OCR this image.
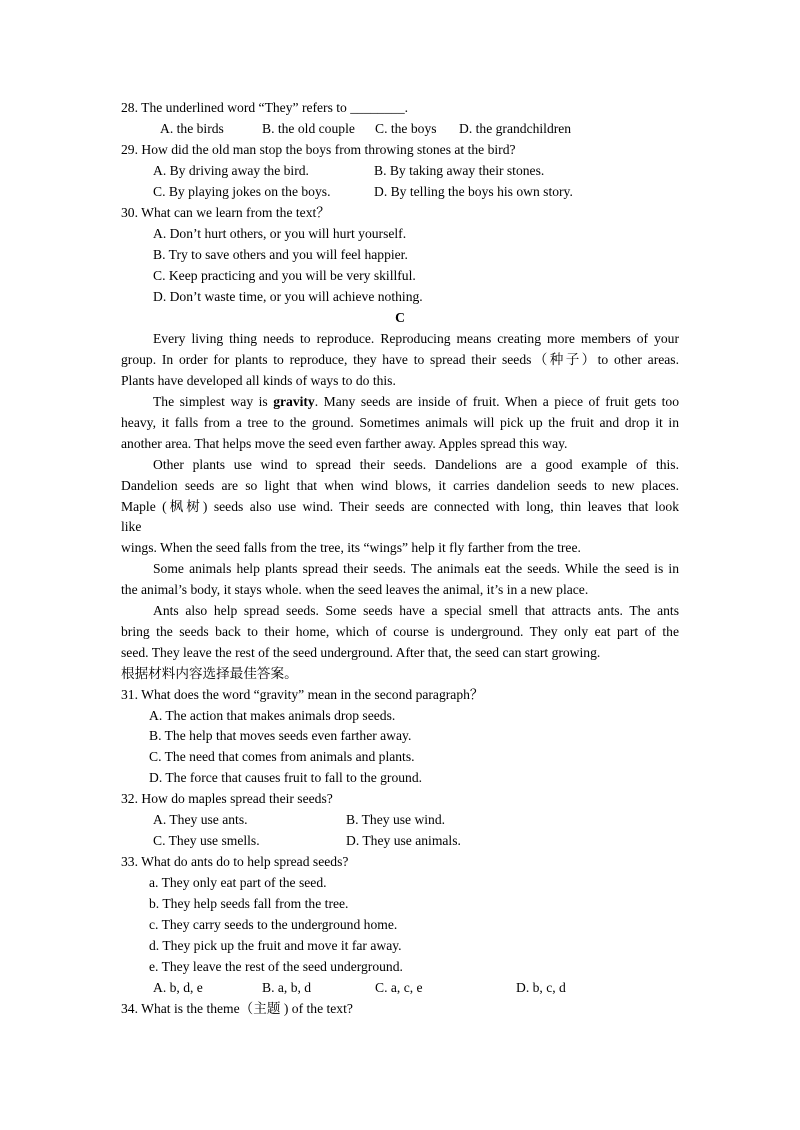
28. The underlined word “They” refers to ________.
A. the birds	B. the old couple C. the boys D. the grandchildren
29. How did the old man stop the boys from throwing stones at the bird?
A. By driving away the bird.	B. By taking away their stones.
C. By playing jokes on the boys.	D. By telling the boys his own story.
30. What can we learn from the text？
A. Don’t hurt others, or you will hurt yourself.
B. Try to save others and you will feel happier.
C. Keep practicing and you will be very skillful.
D. Don’t waste time, or you will achieve nothing.
C
Every living thing needs to reproduce. Reproducing means creating more members of your
group. In order for plants to reproduce, they have to spread their seeds（种子）to other areas.
Plants have developed all kinds of ways to do this.
The simplest way is gravity. Many seeds are inside of fruit. When a piece of fruit gets too
heavy, it falls from a tree to the ground. Sometimes animals will pick up the fruit and drop it in
another area. That helps move the seed even farther away. Apples spread this way.
Other plants use wind to spread their seeds. Dandelions are a good example of this.
Dandelion seeds are so light that when wind blows, it carries dandelion seeds to new places.
Maple (枫树) seeds also use wind. Their seeds are connected with long, thin leaves that look
like
wings. When the seed falls from the tree, its “wings” help it fly farther from the tree.
Some animals help plants spread their seeds. The animals eat the seeds. While the seed is in
the animal’s body, it stays whole. when the seed leaves the animal, it’s in a new place.
Ants also help spread seeds. Some seeds have a special smell that attracts ants. The ants
bring the seeds back to their home, which of course is underground. They only eat part of the
seed. They leave the rest of the seed underground. After that, the seed can start growing.
根据材料内容选择最佳答案。
31. What does the word “gravity” mean in the second paragraph？
A. The action that makes animals drop seeds.
B. The help that moves seeds even farther away.
C. The need that comes from animals and plants.
D. The force that causes fruit to fall to the ground.
32. How do maples spread their seeds?
A. They use ants.	B. They use wind.
C. They use smells.	D. They use animals.
33. What do ants do to help spread seeds?
a. They only eat part of the seed.
b. They help seeds fall from the tree.
c. They carry seeds to the underground home.
d. They pick up the fruit and move it far away.
e. They leave the rest of the seed underground.
A. b, d, e	B. a, b, d	C. a, c, e	D. b, c, d
34. What is the theme（主题 ) of the text?
